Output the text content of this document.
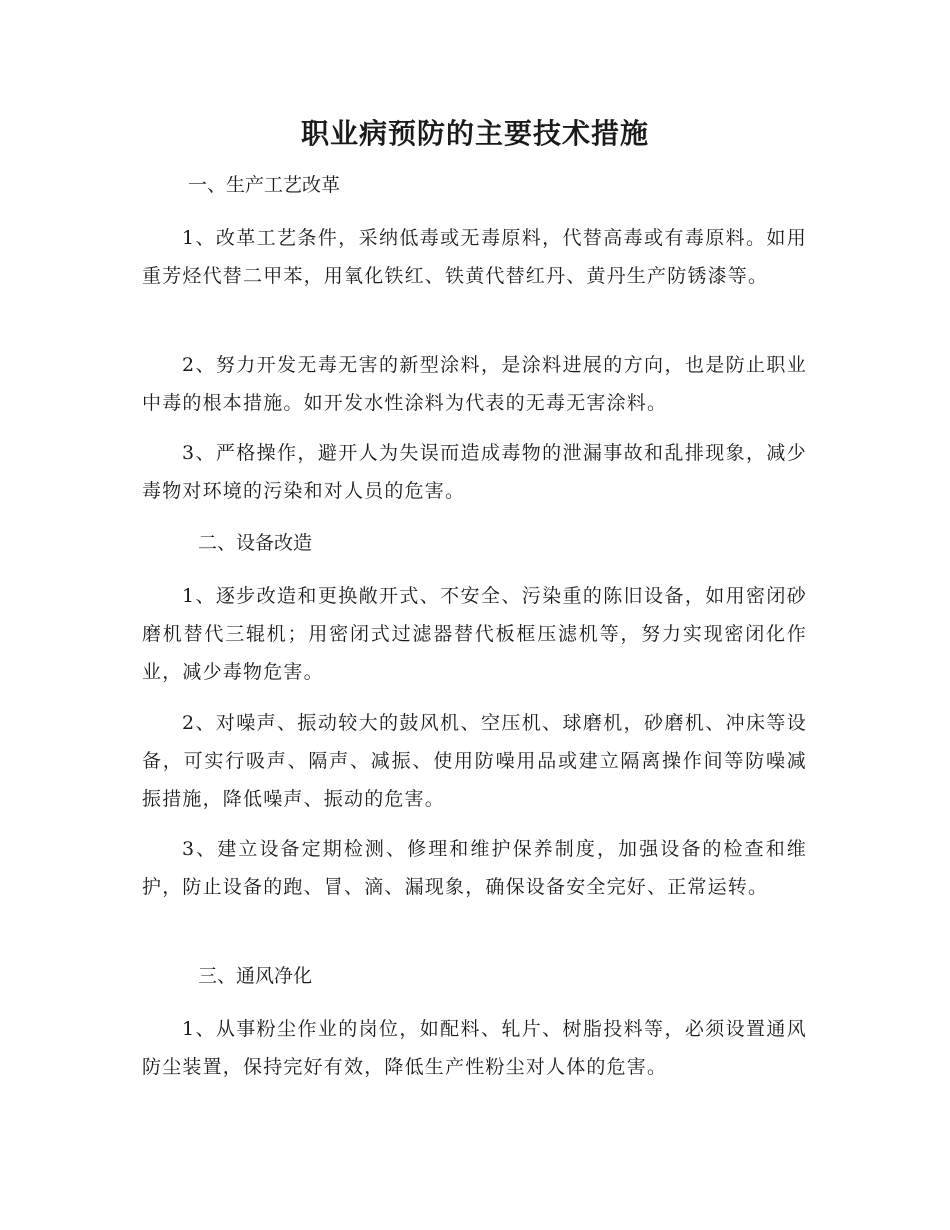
职业病预防的主要技术措施

一、生产工艺改革

1、改革工艺条件，采纳低毒或无毒原料，代替高毒或有毒原料。如用重芳烃代替二甲苯，用氧化铁红、铁黄代替红丹、黄丹生产防锈漆等。

2、努力开发无毒无害的新型涂料，是涂料进展的方向，也是防止职业中毒的根本措施。如开发水性涂料为代表的无毒无害涂料。

3、严格操作，避开人为失误而造成毒物的泄漏事故和乱排现象，减少毒物对环境的污染和对人员的危害。

二、设备改造

1、逐步改造和更换敞开式、不安全、污染重的陈旧设备，如用密闭砂磨机替代三辊机；用密闭式过滤器替代板框压滤机等，努力实现密闭化作业，减少毒物危害。

2、对噪声、振动较大的鼓风机、空压机、球磨机，砂磨机、冲床等设备，可实行吸声、隔声、减振、使用防噪用品或建立隔离操作间等防噪减振措施，降低噪声、振动的危害。

3、建立设备定期检测、修理和维护保养制度，加强设备的检查和维护，防止设备的跑、冒、滴、漏现象，确保设备安全完好、正常运转。

三、通风净化

1、从事粉尘作业的岗位，如配料、轧片、树脂投料等，必须设置通风防尘装置，保持完好有效，降低生产性粉尘对人体的危害。
